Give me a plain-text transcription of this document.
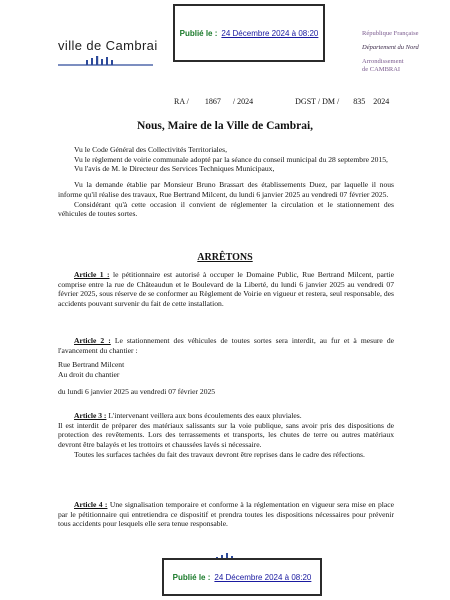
Publié le : 24 Décembre 2024 à 08:20
ville de Cambrai
République Française
Département du Nord
Arrondissement
de CAMBRAI
RA / 1867 / 2024	DGST / DM / 835 2024
Nous, Maire de la Ville de Cambrai,
Vu le Code Général des Collectivités Territoriales,
Vu le règlement de voirie communale adopté par la séance du conseil municipal du 28 septembre 2015,
Vu l'avis de M. le Directeur des Services Techniques Municipaux,
Vu la demande établie par Monsieur Bruno Brassart des établissements Duez, par laquelle il nous informe qu'il réalise des travaux, Rue Bertrand Milcent, du lundi 6 janvier 2025 au vendredi 07 février 2025.
Considérant qu'à cette occasion il convient de réglementer la circulation et le stationnement des véhicules de toutes sortes.
ARRÊTONS
Article 1 : le pétitionnaire est autorisé à occuper le Domaine Public, Rue Bertrand Milcent, partie comprise entre la rue de Châteaudun et le Boulevard de la Liberté, du lundi 6 janvier 2025 au vendredi 07 février 2025, sous réserve de se conformer au Règlement de Voirie en vigueur et restera, seul responsable, des accidents pouvant survenir du fait de cette installation.
Article 2 : Le stationnement des véhicules de toutes sortes sera interdit, au fur et à mesure de l'avancement du chantier :
Rue Bertrand Milcent
Au droit du chantier
du lundi 6 janvier 2025 au vendredi 07 février 2025
Article 3 : L'intervenant veillera aux bons écoulements des eaux pluviales.
Il est interdit de préparer des matériaux salissants sur la voie publique, sans avoir pris des dispositions de protection des revêtements. Lors des terrassements et transports, les chutes de terre ou autres matériaux devront être balayés et les trottoirs et chaussées lavés si nécessaire.
Toutes les surfaces tachées du fait des travaux devront être reprises dans le cadre des réfections.
Article 4 : Une signalisation temporaire et conforme à la réglementation en vigueur sera mise en place par le pétitionnaire qui entretiendra ce dispositif et prendra toutes les dispositions nécessaires pour prévenir tous accidents pour lesquels elle sera tenue responsable.
Publié le : 24 Décembre 2024 à 08:20
